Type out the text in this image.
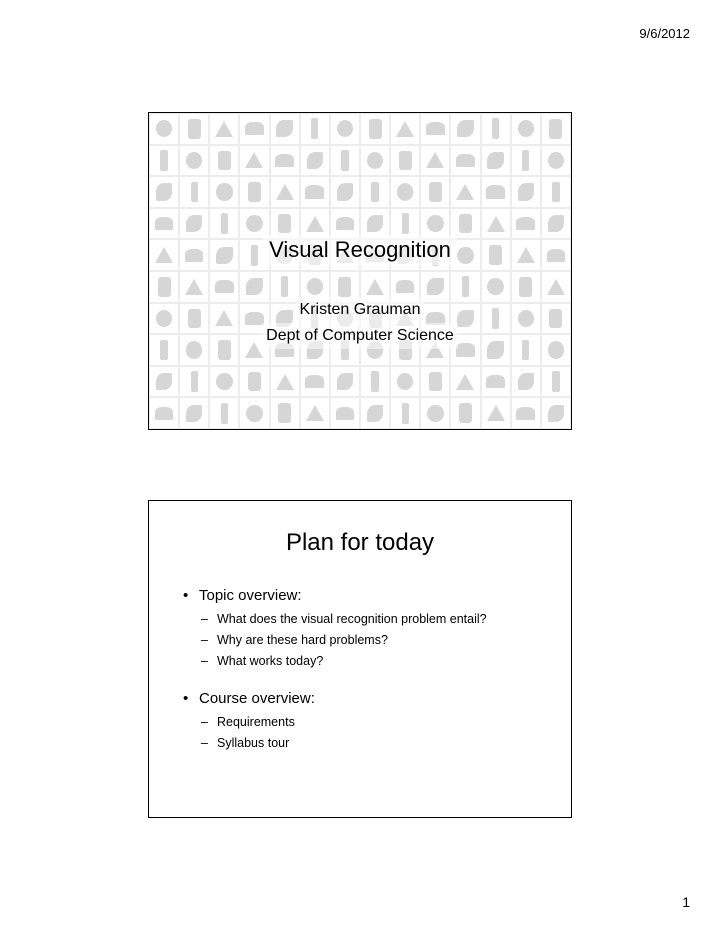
9/6/2012
Visual Recognition
Kristen Grauman
Dept of Computer Science
Plan for today
• Topic overview:
– What does the visual recognition problem entail?
– Why are these hard problems?
– What works today?
• Course overview:
– Requirements
– Syllabus tour
1
